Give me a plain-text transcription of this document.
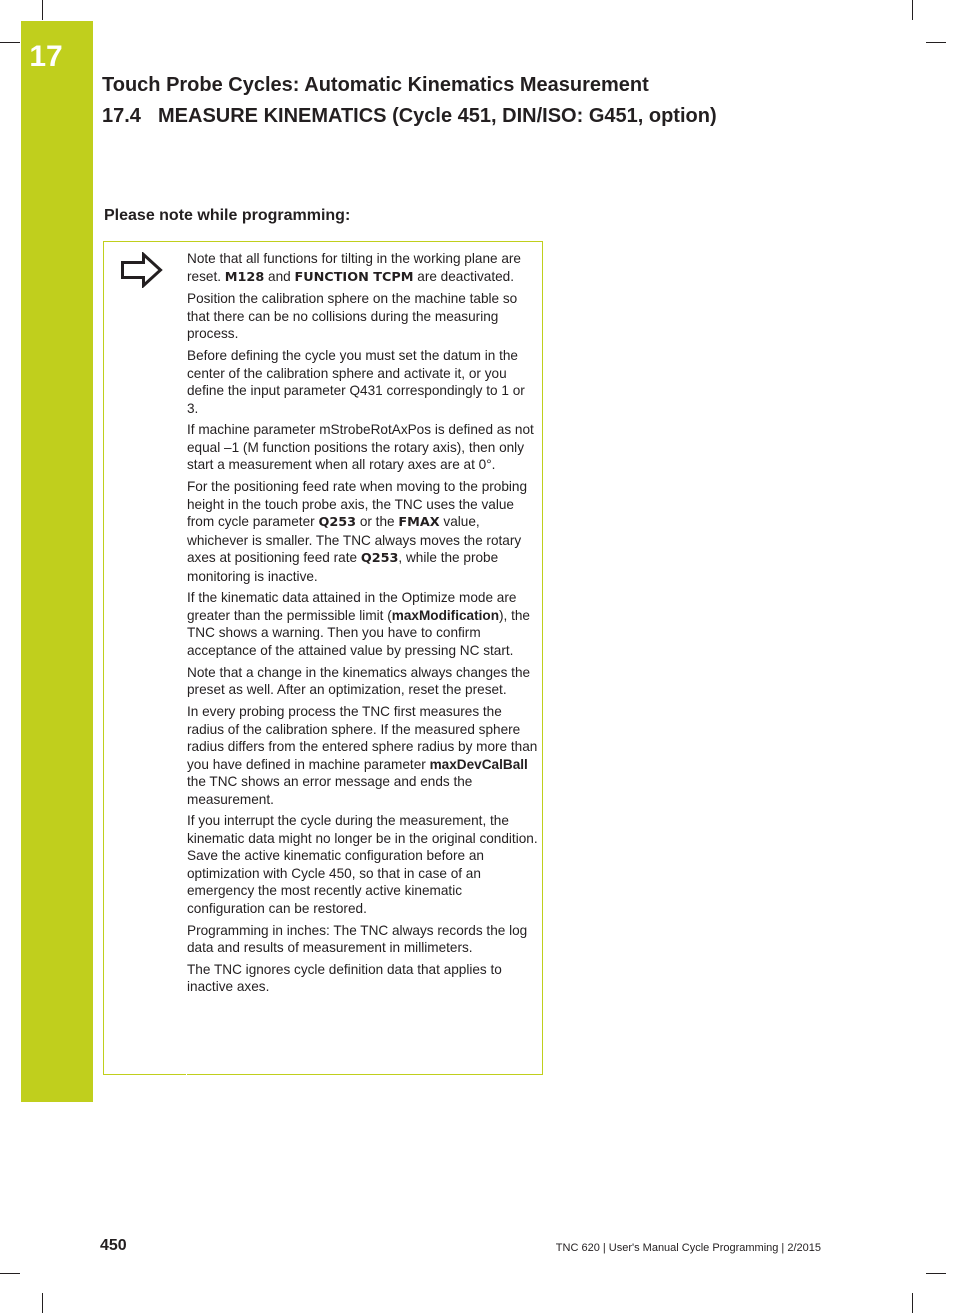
17
Touch Probe Cycles: Automatic Kinematics Measurement
17.4 MEASURE KINEMATICS (Cycle 451, DIN/ISO: G451, option)
Please note while programming:

Note that all functions for tilting in the working plane are reset. M128 and FUNCTION TCPM are deactivated.

Position the calibration sphere on the machine table so that there can be no collisions during the measuring process.

Before defining the cycle you must set the datum in the center of the calibration sphere and activate it, or you define the input parameter Q431 correspondingly to 1 or 3.

If machine parameter mStrobeRotAxPos is defined as not equal –1 (M function positions the rotary axis), then only start a measurement when all rotary axes are at 0°.

For the positioning feed rate when moving to the probing height in the touch probe axis, the TNC uses the value from cycle parameter Q253 or the FMAX value, whichever is smaller. The TNC always moves the rotary axes at positioning feed rate Q253, while the probe monitoring is inactive.

If the kinematic data attained in the Optimize mode are greater than the permissible limit (maxModification), the TNC shows a warning. Then you have to confirm acceptance of the attained value by pressing NC start.

Note that a change in the kinematics always changes the preset as well. After an optimization, reset the preset.

In every probing process the TNC first measures the radius of the calibration sphere. If the measured sphere radius differs from the entered sphere radius by more than you have defined in machine parameter maxDevCalBall the TNC shows an error message and ends the measurement.

If you interrupt the cycle during the measurement, the kinematic data might no longer be in the original condition. Save the active kinematic configuration before an optimization with Cycle 450, so that in case of an emergency the most recently active kinematic configuration can be restored.

Programming in inches: The TNC always records the log data and results of measurement in millimeters.

The TNC ignores cycle definition data that applies to inactive axes.

450	TNC 620 | User's Manual Cycle Programming | 2/2015
